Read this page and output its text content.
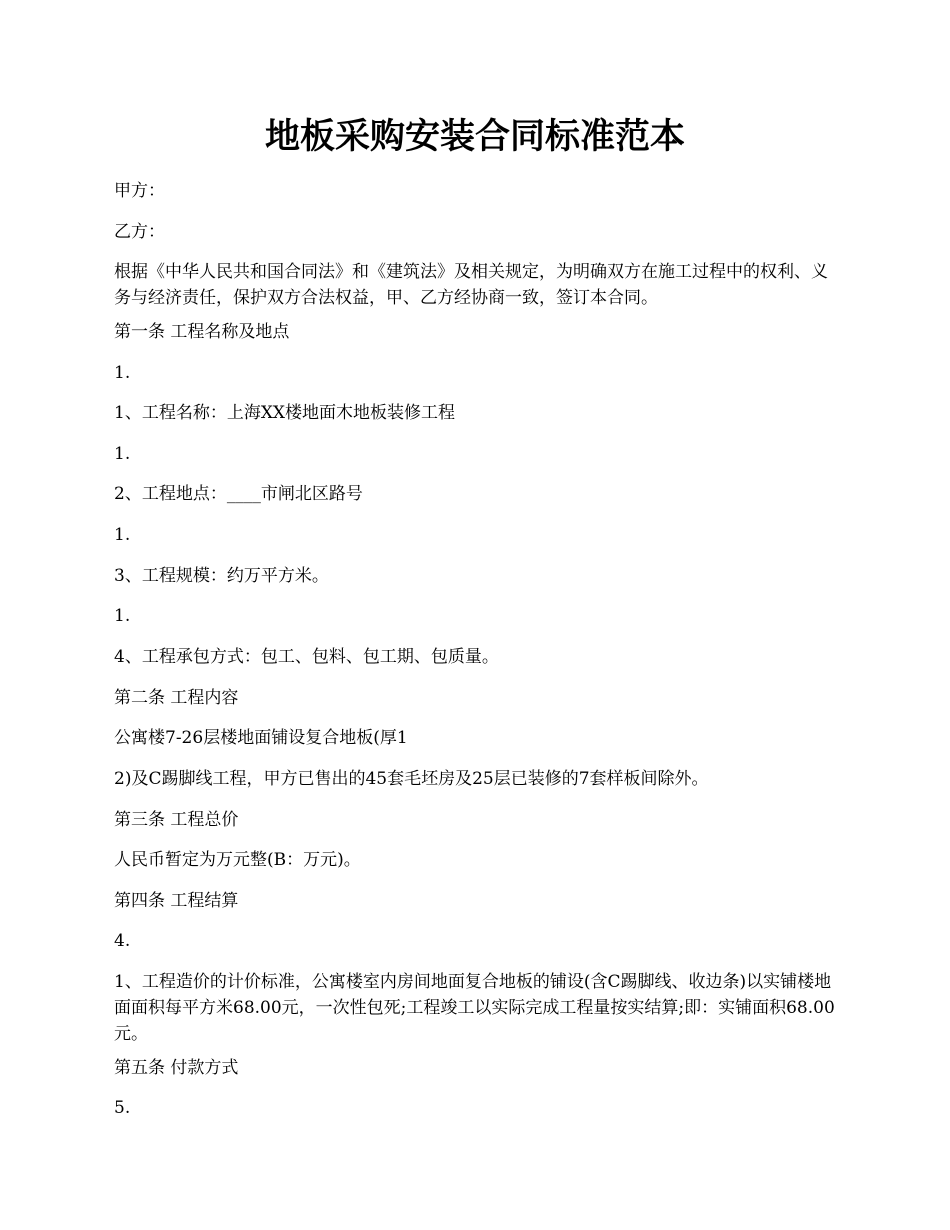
地板采购安装合同标准范本
甲方：
乙方：
根据《中华人民共和国合同法》和《建筑法》及相关规定，为明确双方在施工过程中的权利、义务与经济责任，保护双方合法权益，甲、乙方经协商一致，签订本合同。
第一条 工程名称及地点
1.
1、工程名称：上海XX楼地面木地板装修工程
1.
2、工程地点：____市闸北区路号
1.
3、工程规模：约万平方米。
1.
4、工程承包方式：包工、包料、包工期、包质量。
第二条 工程内容
公寓楼7-26层楼地面铺设复合地板(厚1
2)及C踢脚线工程，甲方已售出的45套毛坯房及25层已装修的7套样板间除外。
第三条 工程总价
人民币暂定为万元整(B：万元)。
第四条 工程结算
4.
1、工程造价的计价标准，公寓楼室内房间地面复合地板的铺设(含C踢脚线、收边条)以实铺楼地面面积每平方米68.00元，一次性包死;工程竣工以实际完成工程量按实结算;即：实铺面积68.00元。
第五条 付款方式
5.
